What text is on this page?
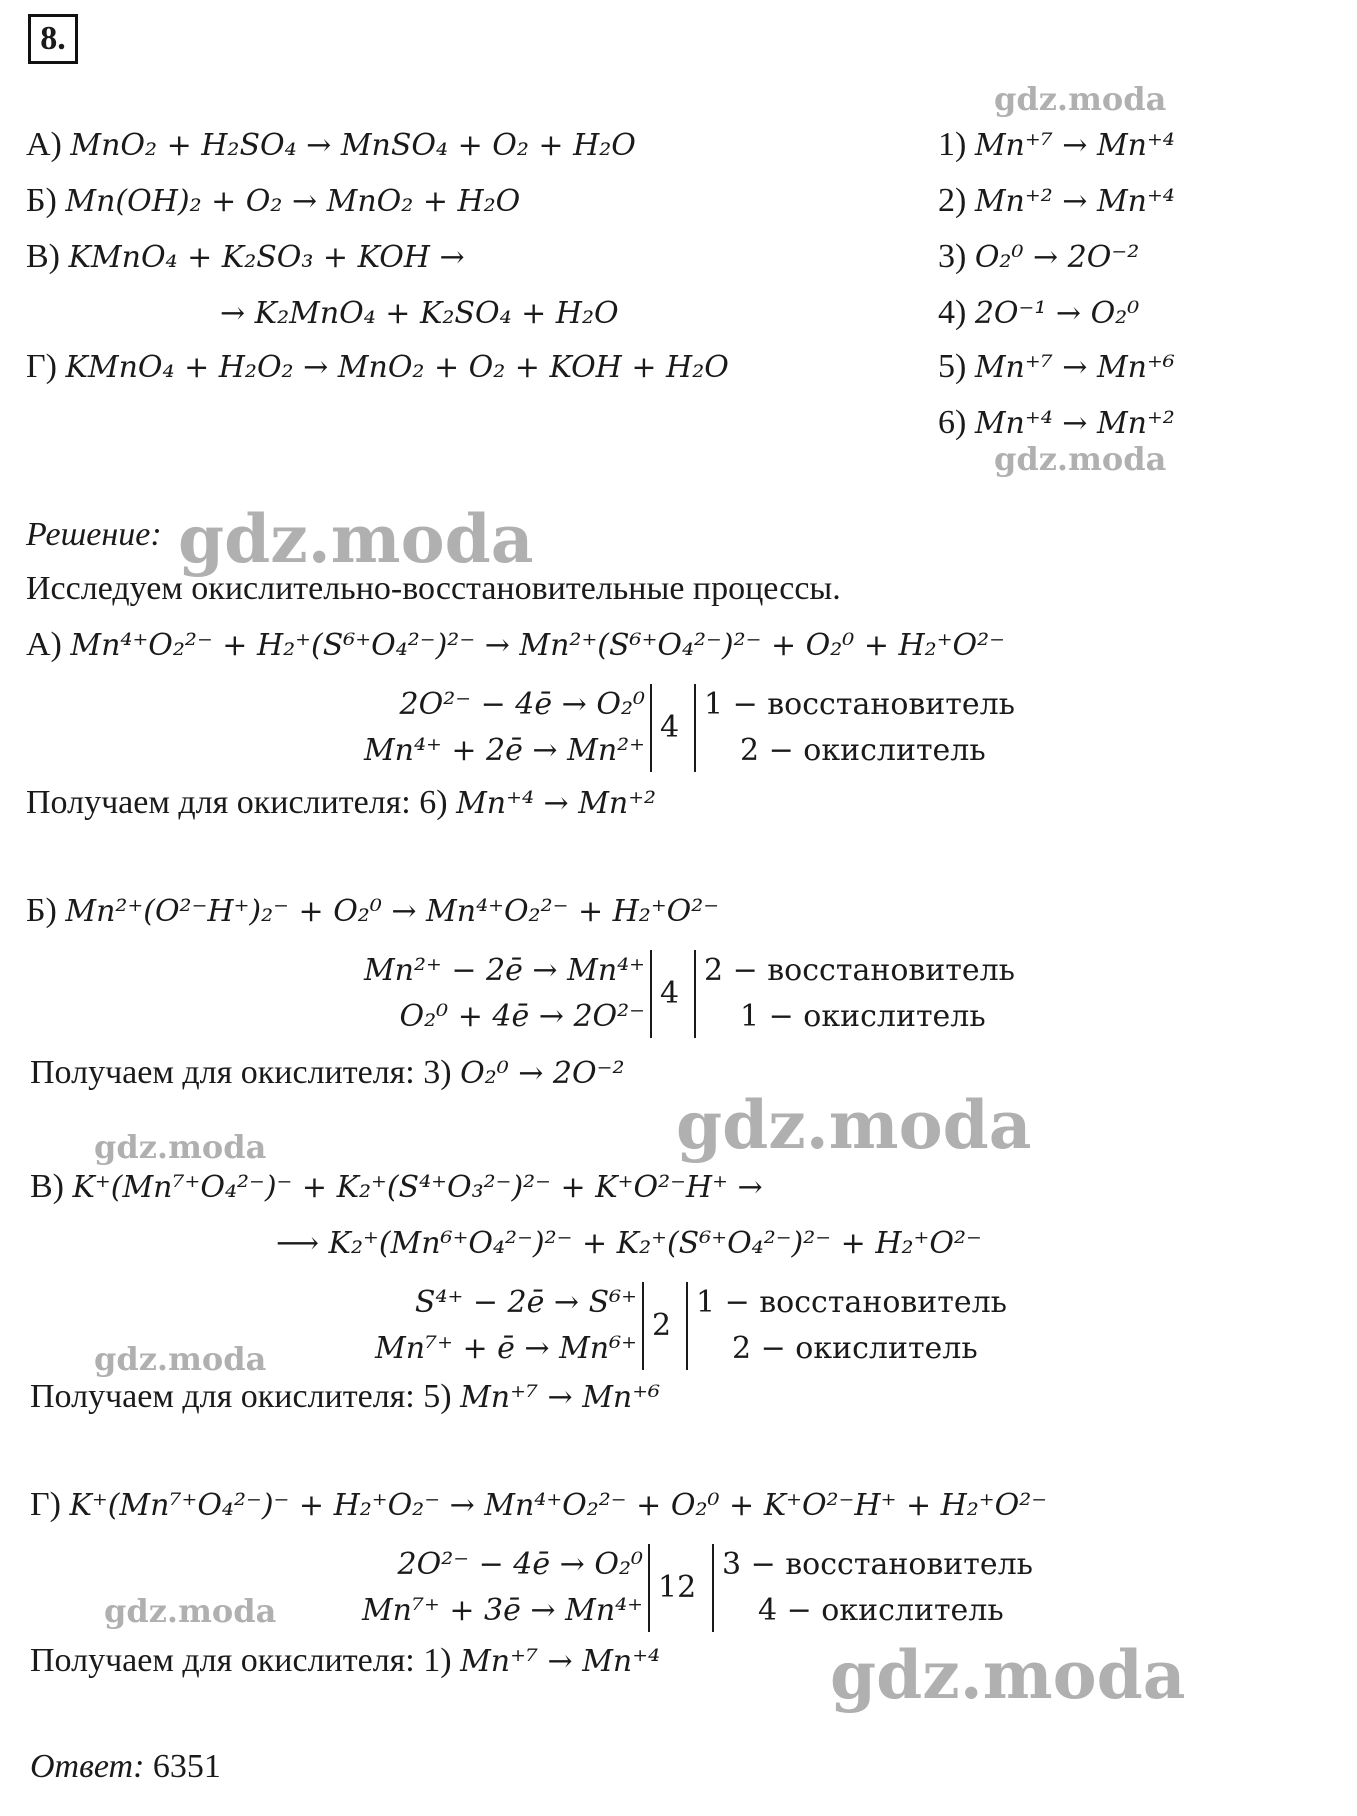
8.
gdz.moda
gdz.moda
gdz.moda
gdz.moda
gdz.moda
gdz.moda
gdz.moda
gdz.moda
А) MnO₂ + H₂SO₄ → MnSO₄ + O₂ + H₂O
Б) Mn(OH)₂ + O₂ → MnO₂ + H₂O
В) KMnO₄ + K₂SO₃ + KOH →
→ K₂MnO₄ + K₂SO₄ + H₂O
Г) KMnO₄ + H₂O₂ → MnO₂ + O₂ + KOH + H₂O
1) Mn⁺⁷ → Mn⁺⁴
2) Mn⁺² → Mn⁺⁴
3) O₂⁰ → 2O⁻²
4) 2O⁻¹ → O₂⁰
5) Mn⁺⁷ → Mn⁺⁶
6) Mn⁺⁴ → Mn⁺²
Решение:
Исследуем окислительно-восстановительные процессы.
А) Mn⁴⁺O₂²⁻ + H₂⁺(S⁶⁺O₄²⁻)²⁻ → Mn²⁺(S⁶⁺O₄²⁻)²⁻ + O₂⁰ + H₂⁺O²⁻
2O²⁻ − 4ē → O₂⁰
Mn⁴⁺ + 2ē → Mn²⁺
4
1 − восстановитель
2 − окислитель
Получаем для окислителя: 6) Mn⁺⁴ → Mn⁺²
Б) Mn²⁺(O²⁻H⁺)₂⁻ + O₂⁰ → Mn⁴⁺O₂²⁻ + H₂⁺O²⁻
Mn²⁺ − 2ē → Mn⁴⁺
O₂⁰ + 4ē → 2O²⁻
4
2 − восстановитель
1 − окислитель
Получаем для окислителя: 3) O₂⁰ → 2O⁻²
В) K⁺(Mn⁷⁺O₄²⁻)⁻ + K₂⁺(S⁴⁺O₃²⁻)²⁻ + K⁺O²⁻H⁺ →
⟶ K₂⁺(Mn⁶⁺O₄²⁻)²⁻ + K₂⁺(S⁶⁺O₄²⁻)²⁻ + H₂⁺O²⁻
S⁴⁺ − 2ē → S⁶⁺
Mn⁷⁺ + ē → Mn⁶⁺
2
1 − восстановитель
2 − окислитель
Получаем для окислителя: 5) Mn⁺⁷ → Mn⁺⁶
Г) K⁺(Mn⁷⁺O₄²⁻)⁻ + H₂⁺O₂⁻ → Mn⁴⁺O₂²⁻ + O₂⁰ + K⁺O²⁻H⁺ + H₂⁺O²⁻
2O²⁻ − 4ē → O₂⁰
Mn⁷⁺ + 3ē → Mn⁴⁺
12
3 − восстановитель
4 − окислитель
Получаем для окислителя: 1) Mn⁺⁷ → Mn⁺⁴
Ответ: 6351
